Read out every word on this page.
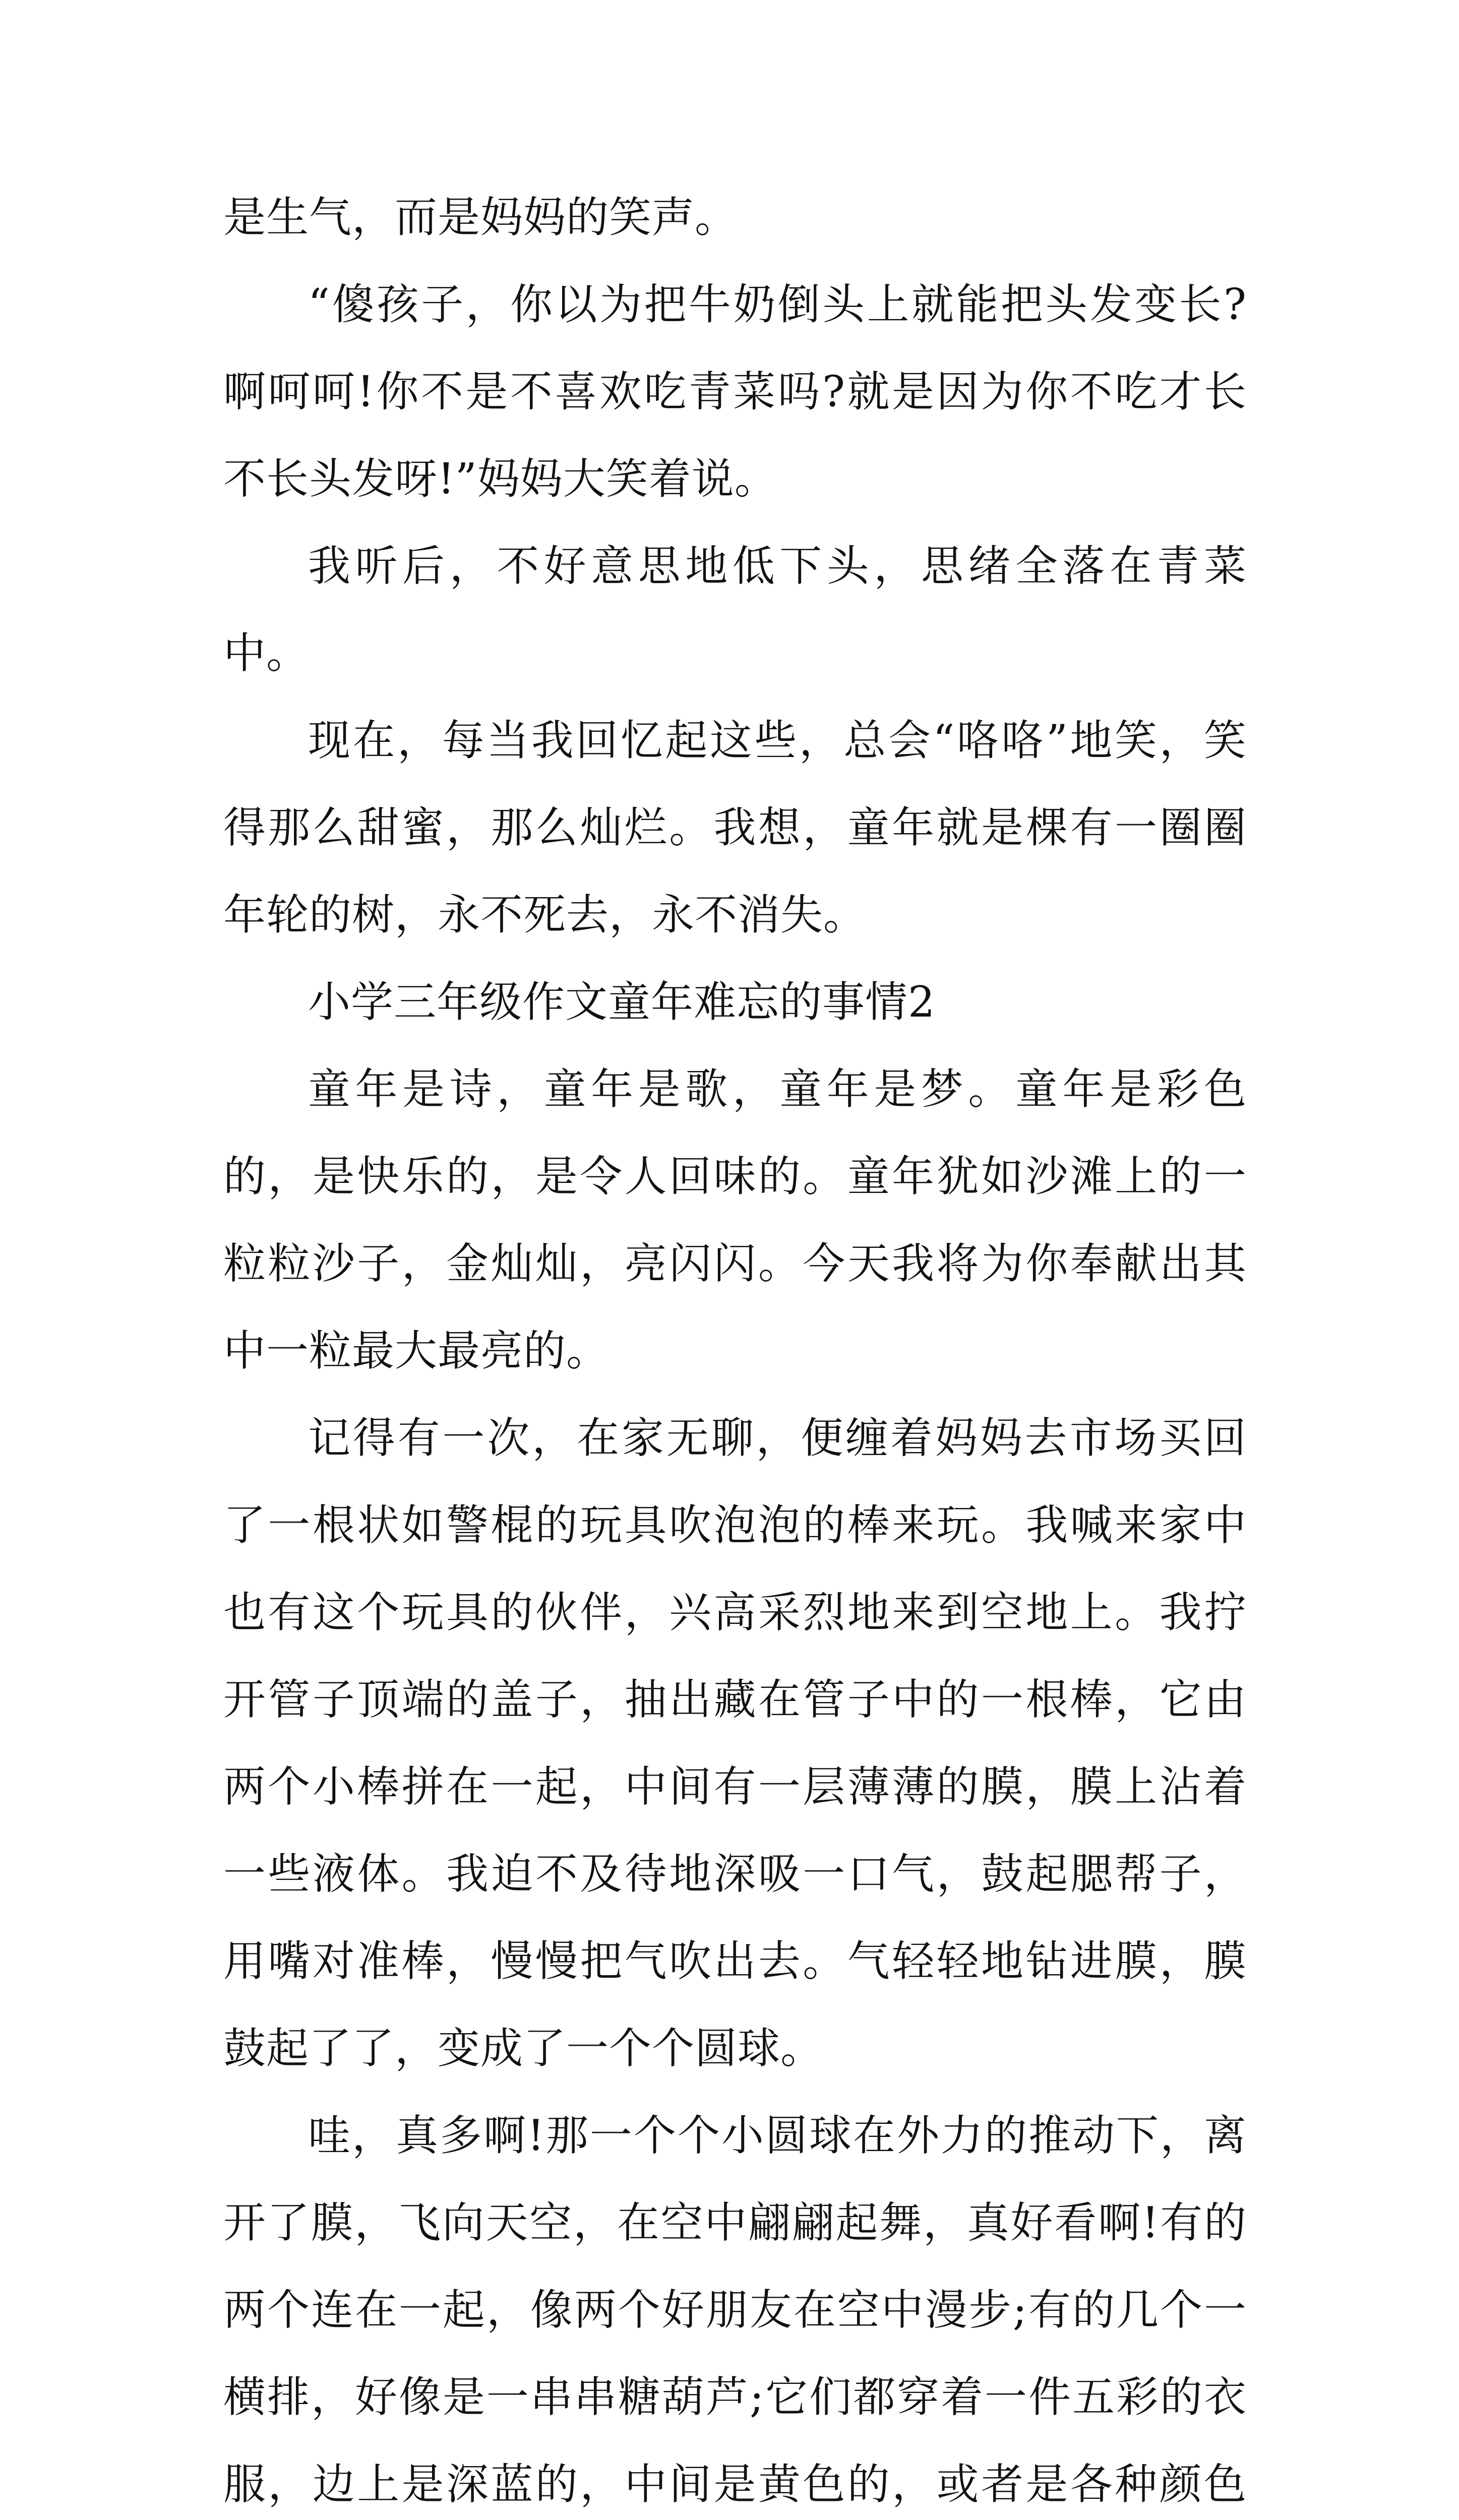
是生气，而是妈妈的笑声。

“傻孩子，你以为把牛奶倒头上就能把头发变长?啊呵呵!你不是不喜欢吃青菜吗?就是因为你不吃才长不长头发呀!”妈妈大笑着说。

我听后，不好意思地低下头，思绪全落在青菜中。

现在，每当我回忆起这些，总会“咯咯”地笑，笑得那么甜蜜，那么灿烂。我想，童年就是棵有一圈圈年轮的树，永不死去，永不消失。

小学三年级作文童年难忘的事情2

童年是诗，童年是歌，童年是梦。童年是彩色的，是快乐的，是令人回味的。童年犹如沙滩上的一粒粒沙子，金灿灿，亮闪闪。今天我将为你奉献出其中一粒最大最亮的。

记得有一次，在家无聊，便缠着妈妈去市场买回了一根状如警棍的玩具吹泡泡的棒来玩。我喊来家中也有这个玩具的伙伴，兴高采烈地来到空地上。我拧开管子顶端的盖子，抽出藏在管子中的一根棒，它由两个小棒拼在一起，中间有一层薄薄的膜，膜上沾着一些液体。我迫不及待地深吸一口气，鼓起腮帮子，用嘴对准棒，慢慢把气吹出去。气轻轻地钻进膜，膜鼓起了了，变成了一个个圆球。

哇，真多啊!那一个个小圆球在外力的推动下，离开了膜，飞向天空，在空中翩翩起舞，真好看啊!有的两个连在一起，像两个好朋友在空中漫步;有的几个一横排，好像是一串串糖葫芦;它们都穿着一件五彩的衣服，边上是深蓝的，中间是黄色的，或者是各种颜色
